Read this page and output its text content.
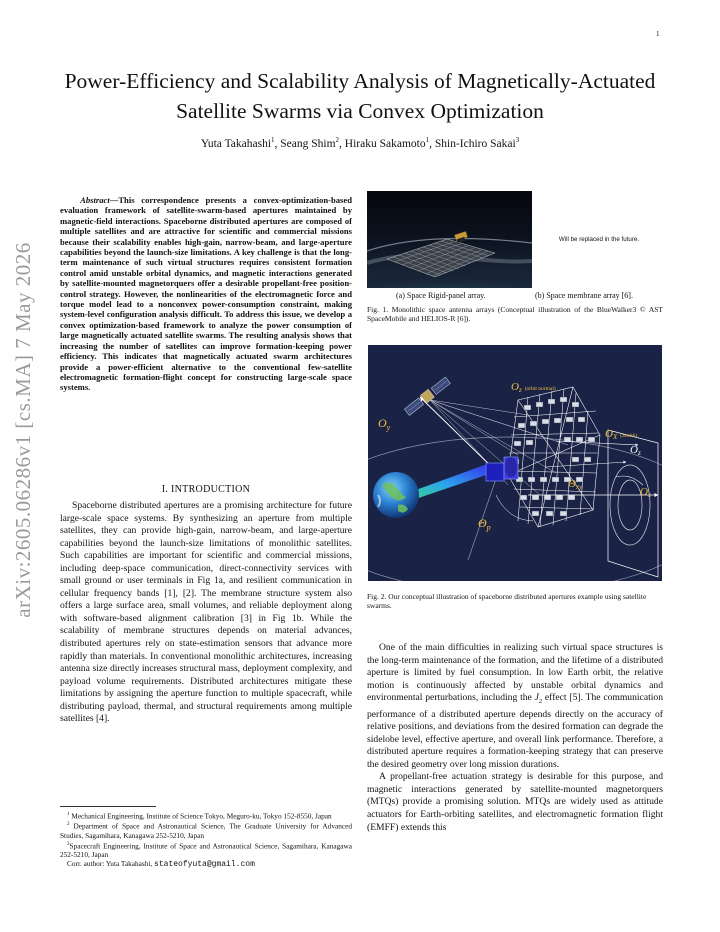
1
arXiv:2605.06286v1 [cs.MA] 7 May 2026
Power-Efficiency and Scalability Analysis of Magnetically-Actuated
Satellite Swarms via Convex Optimization
Yuta Takahashi$^1$, Seang Shim$^2$, Hiraku Sakamoto$^1$, Shin-Ichiro Sakai$^3$
Abstract—This correspondence presents a convex-optimization-based evaluation framework of satellite-swarm-based apertures maintained by magnetic-field interactions. Spaceborne distributed apertures are composed of multiple satellites and are attractive for scientific and commercial missions because their scalability enables high-gain, narrow-beam, and large-aperture capabilities beyond the launch-size limitations. A key challenge is that the long-term maintenance of such virtual structures requires consistent formation control amid unstable orbital dynamics, and magnetic interactions generated by satellite-mounted magnetorquers offer a desirable propellant-free position-control strategy. However, the nonlinearities of the electromagnetic force and torque model lead to a nonconvex power-consumption constraint, making system-level configuration analysis difficult. To address this issue, we develop a convex optimization-based framework to analyze the power consumption of large magnetically actuated satellite swarms. The resulting analysis shows that increasing the number of satellites can improve formation-keeping power efficiency. This indicates that magnetically actuated swarm architectures provide a power-efficient alternative to the conventional few-satellite electromagnetic formation-flight concept for constructing large-scale space systems.
I. INTRODUCTION

Spaceborne distributed apertures are a promising architecture for future large-scale space systems. By synthesizing an aperture from multiple satellites, they can provide high-gain, narrow-beam, and large-aperture capabilities beyond the launch-size limitations of monolithic satellites. Such capabilities are important for scientific and commercial missions, including deep-space communication, direct-connectivity services with small ground or user terminals in Fig 1a, and resilient communication in cellular frequency bands [1], [2]. The membrane structure system also offers a large surface area, small volumes, and reliable deployment along with software-based alignment calibration [3] in Fig 1b. While the scalability of membrane structures depends on material advances, distributed apertures rely on state-estimation sensors that advance more rapidly than materials. In conventional monolithic architectures, increasing antenna size directly increases structural mass, deployment complexity, and payload volume requirements. Distributed architectures mitigate these limitations by assigning the aperture function to multiple spacecraft, while distributing payload, thermal, and structural requirements among multiple satellites [4].

$^1$ Mechanical Engineering, Institute of Science Tokyo, Meguro-ku, Tokyo 152-8550, Japan

$^2$ Department of Space and Astronautical Science, The Graduate University for Advanced Studies, Sagamihara, Kanagawa 252-5210, Japan

$^3$Spacecraft Engineering, Institute of Space and Astronautical Science, Sagamihara, Kanagawa 252-5210, Japan

Corr. author: Yuta Takahashi, stateofyuta@gmail.com

Will be replaced in the future.
(a) Space Rigid-panel array.	(b) Space membrane array [6].
Fig. 1. Monolithic space antenna arrays (Conceptual illustration of the BlueWalker3 © AST SpaceMobile and HELIOS-R [6]).
$O_y$
Oz (orbit normal)
OX (zenith)
Oz
Θxy	Ox
$\Theta_p$
Fig. 2. Our conceptual illustration of spaceborne distributed apertures example using satellite swarms.

One of the main difficulties in realizing such virtual space structures is the long-term maintenance of the formation, and the lifetime of a distributed aperture is limited by fuel consumption. In low Earth orbit, the relative motion is continuously affected by unstable orbital dynamics and environmental perturbations, including the $J_2$ effect [5]. The communication performance of a distributed aperture depends directly on the accuracy of relative positions, and deviations from the desired formation can degrade the sidelobe level, effective aperture, and overall link performance. Therefore, a distributed aperture requires a formation-keeping strategy that can preserve the desired geometry over long mission durations.

A propellant-free actuation strategy is desirable for this purpose, and magnetic interactions generated by satellite-mounted magnetorquers (MTQs) provide a promising solution. MTQs are widely used as attitude actuators for Earth-orbiting satellites, and electromagnetic formation flight (EMFF) extends this
